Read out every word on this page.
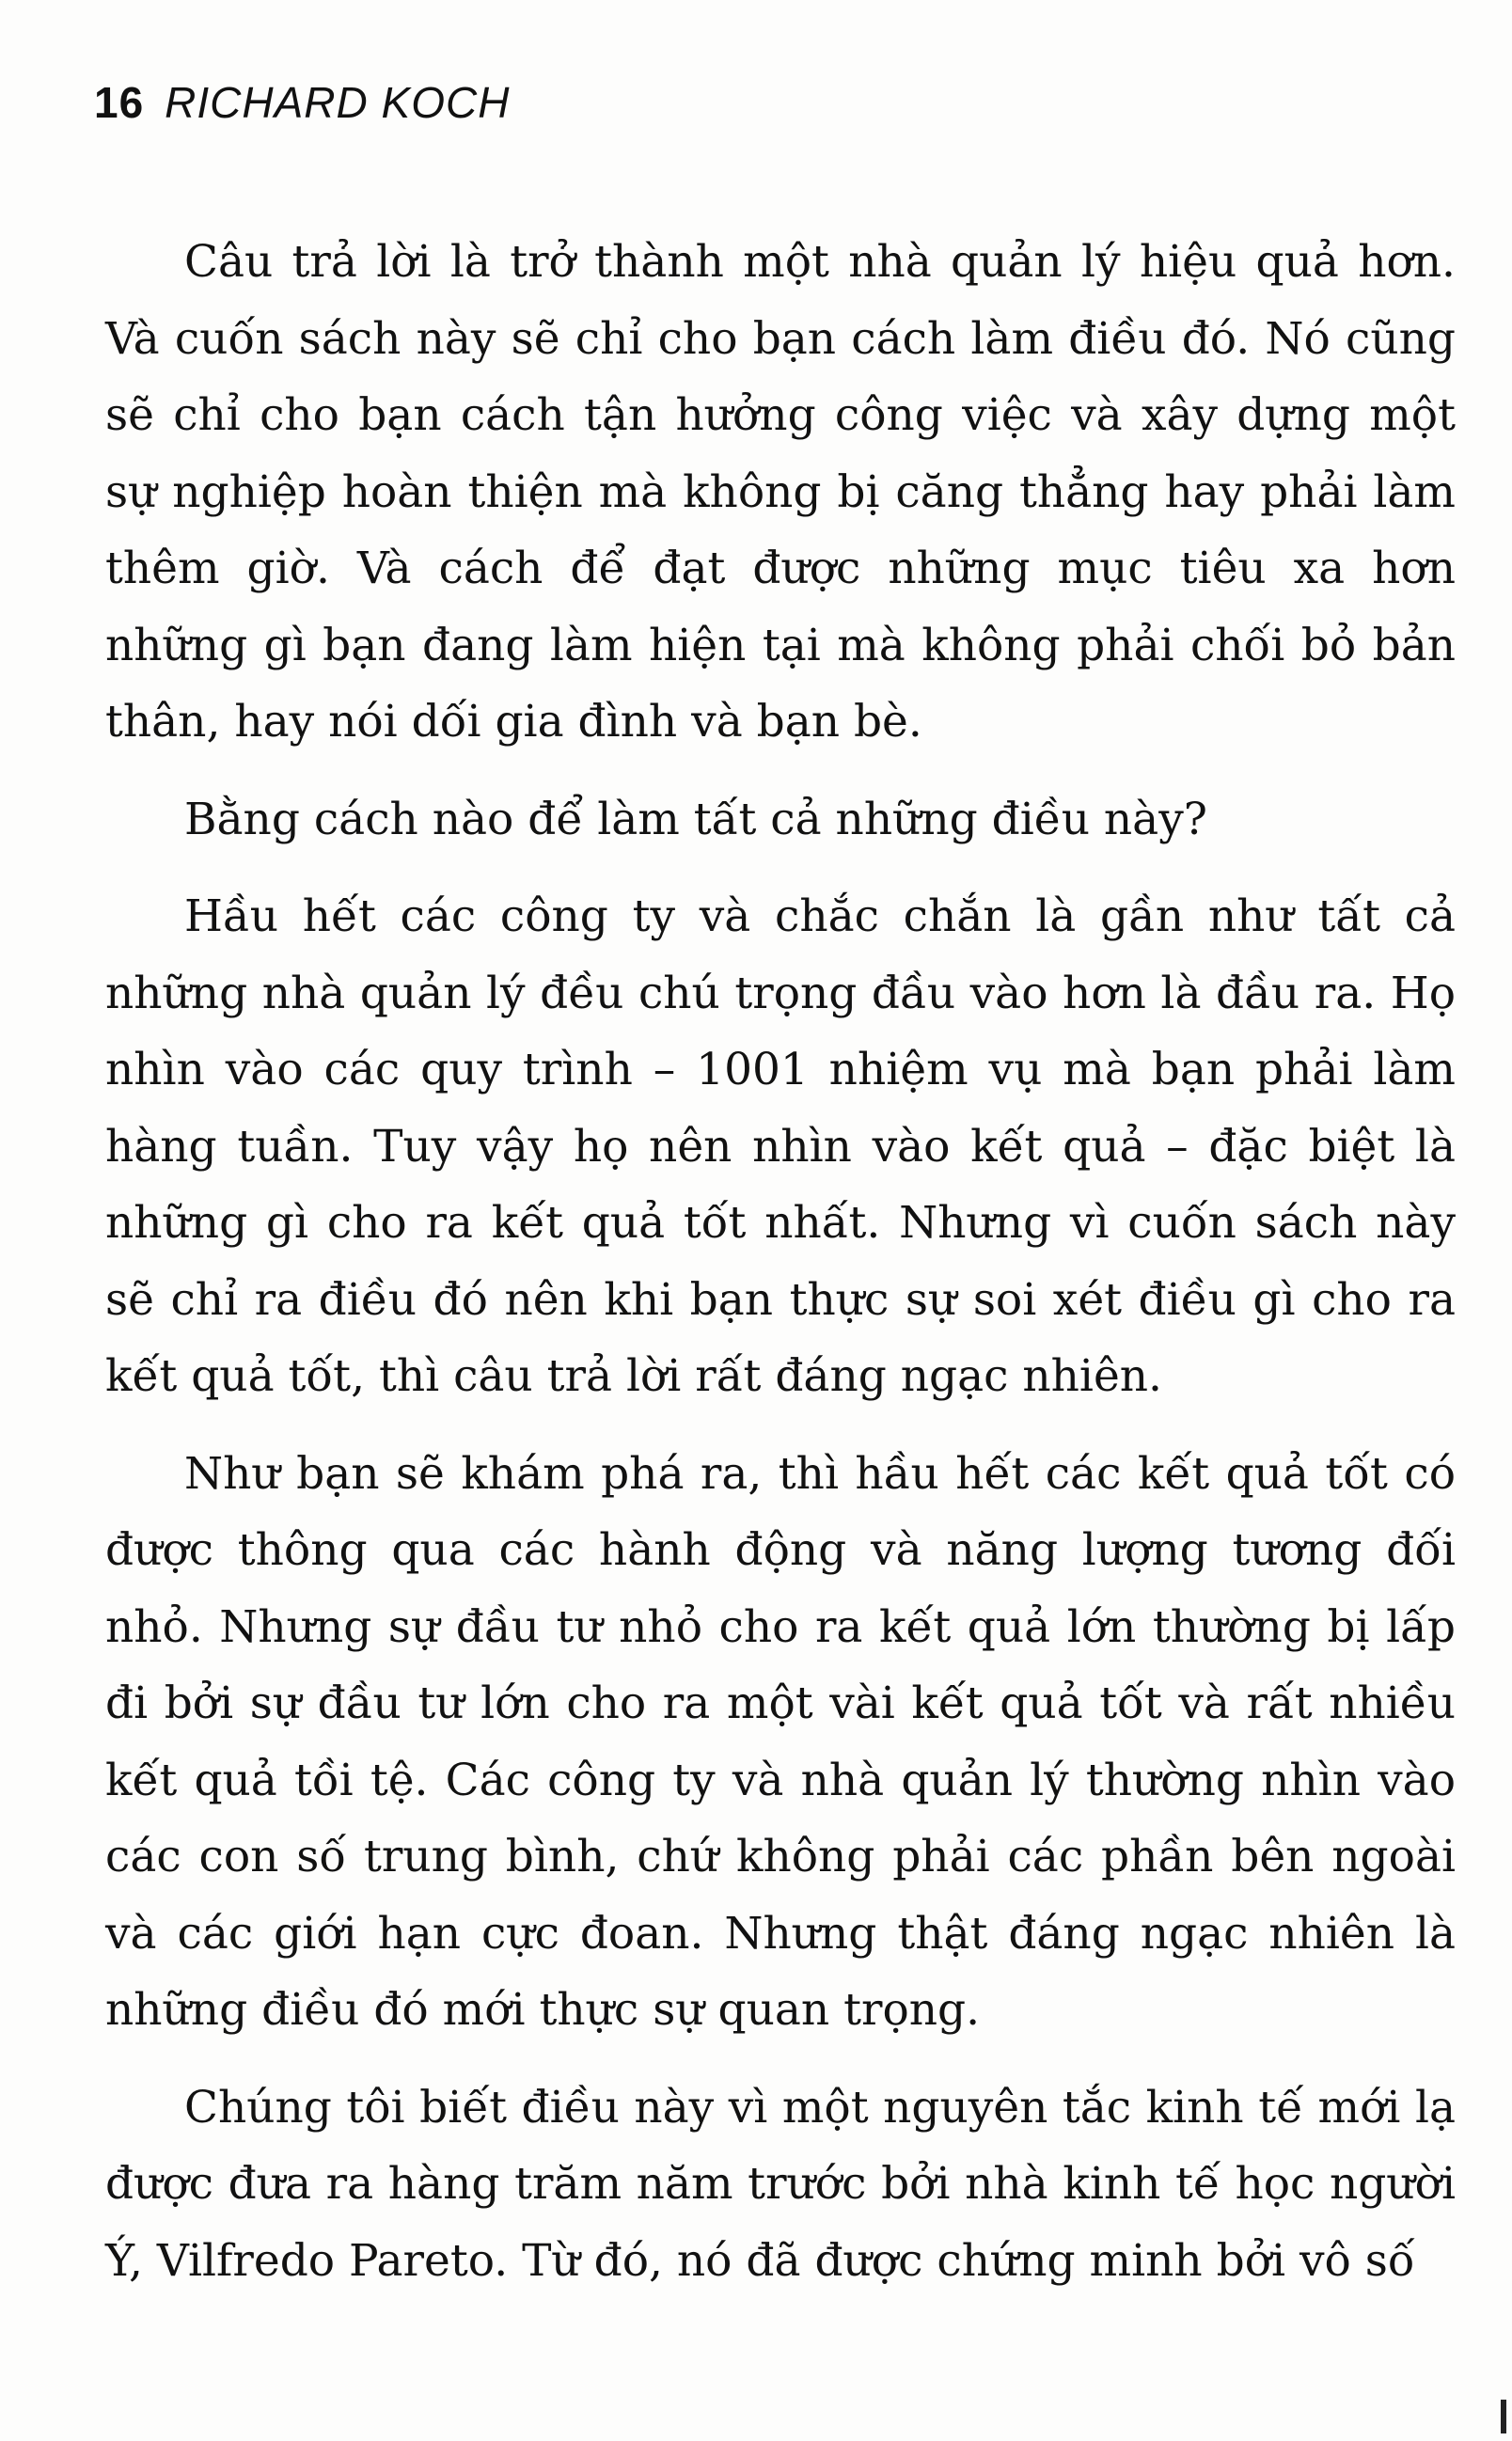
16 RICHARD KOCH

Câu trả lời là trở thành một nhà quản lý hiệu quả hơn. Và cuốn sách này sẽ chỉ cho bạn cách làm điều đó. Nó cũng sẽ chỉ cho bạn cách tận hưởng công việc và xây dựng một sự nghiệp hoàn thiện mà không bị căng thẳng hay phải làm thêm giờ. Và cách để đạt được những mục tiêu xa hơn những gì bạn đang làm hiện tại mà không phải chối bỏ bản thân, hay nói dối gia đình và bạn bè.

Bằng cách nào để làm tất cả những điều này?

Hầu hết các công ty và chắc chắn là gần như tất cả những nhà quản lý đều chú trọng đầu vào hơn là đầu ra. Họ nhìn vào các quy trình – 1001 nhiệm vụ mà bạn phải làm hàng tuần. Tuy vậy họ nên nhìn vào kết quả – đặc biệt là những gì cho ra kết quả tốt nhất. Nhưng vì cuốn sách này sẽ chỉ ra điều đó nên khi bạn thực sự soi xét điều gì cho ra kết quả tốt, thì câu trả lời rất đáng ngạc nhiên.

Như bạn sẽ khám phá ra, thì hầu hết các kết quả tốt có được thông qua các hành động và năng lượng tương đối nhỏ. Nhưng sự đầu tư nhỏ cho ra kết quả lớn thường bị lấp đi bởi sự đầu tư lớn cho ra một vài kết quả tốt và rất nhiều kết quả tồi tệ. Các công ty và nhà quản lý thường nhìn vào các con số trung bình, chứ không phải các phần bên ngoài và các giới hạn cực đoan. Nhưng thật đáng ngạc nhiên là những điều đó mới thực sự quan trọng.

Chúng tôi biết điều này vì một nguyên tắc kinh tế mới lạ được đưa ra hàng trăm năm trước bởi nhà kinh tế học người Ý, Vilfredo Pareto. Từ đó, nó đã được chứng minh bởi vô số
